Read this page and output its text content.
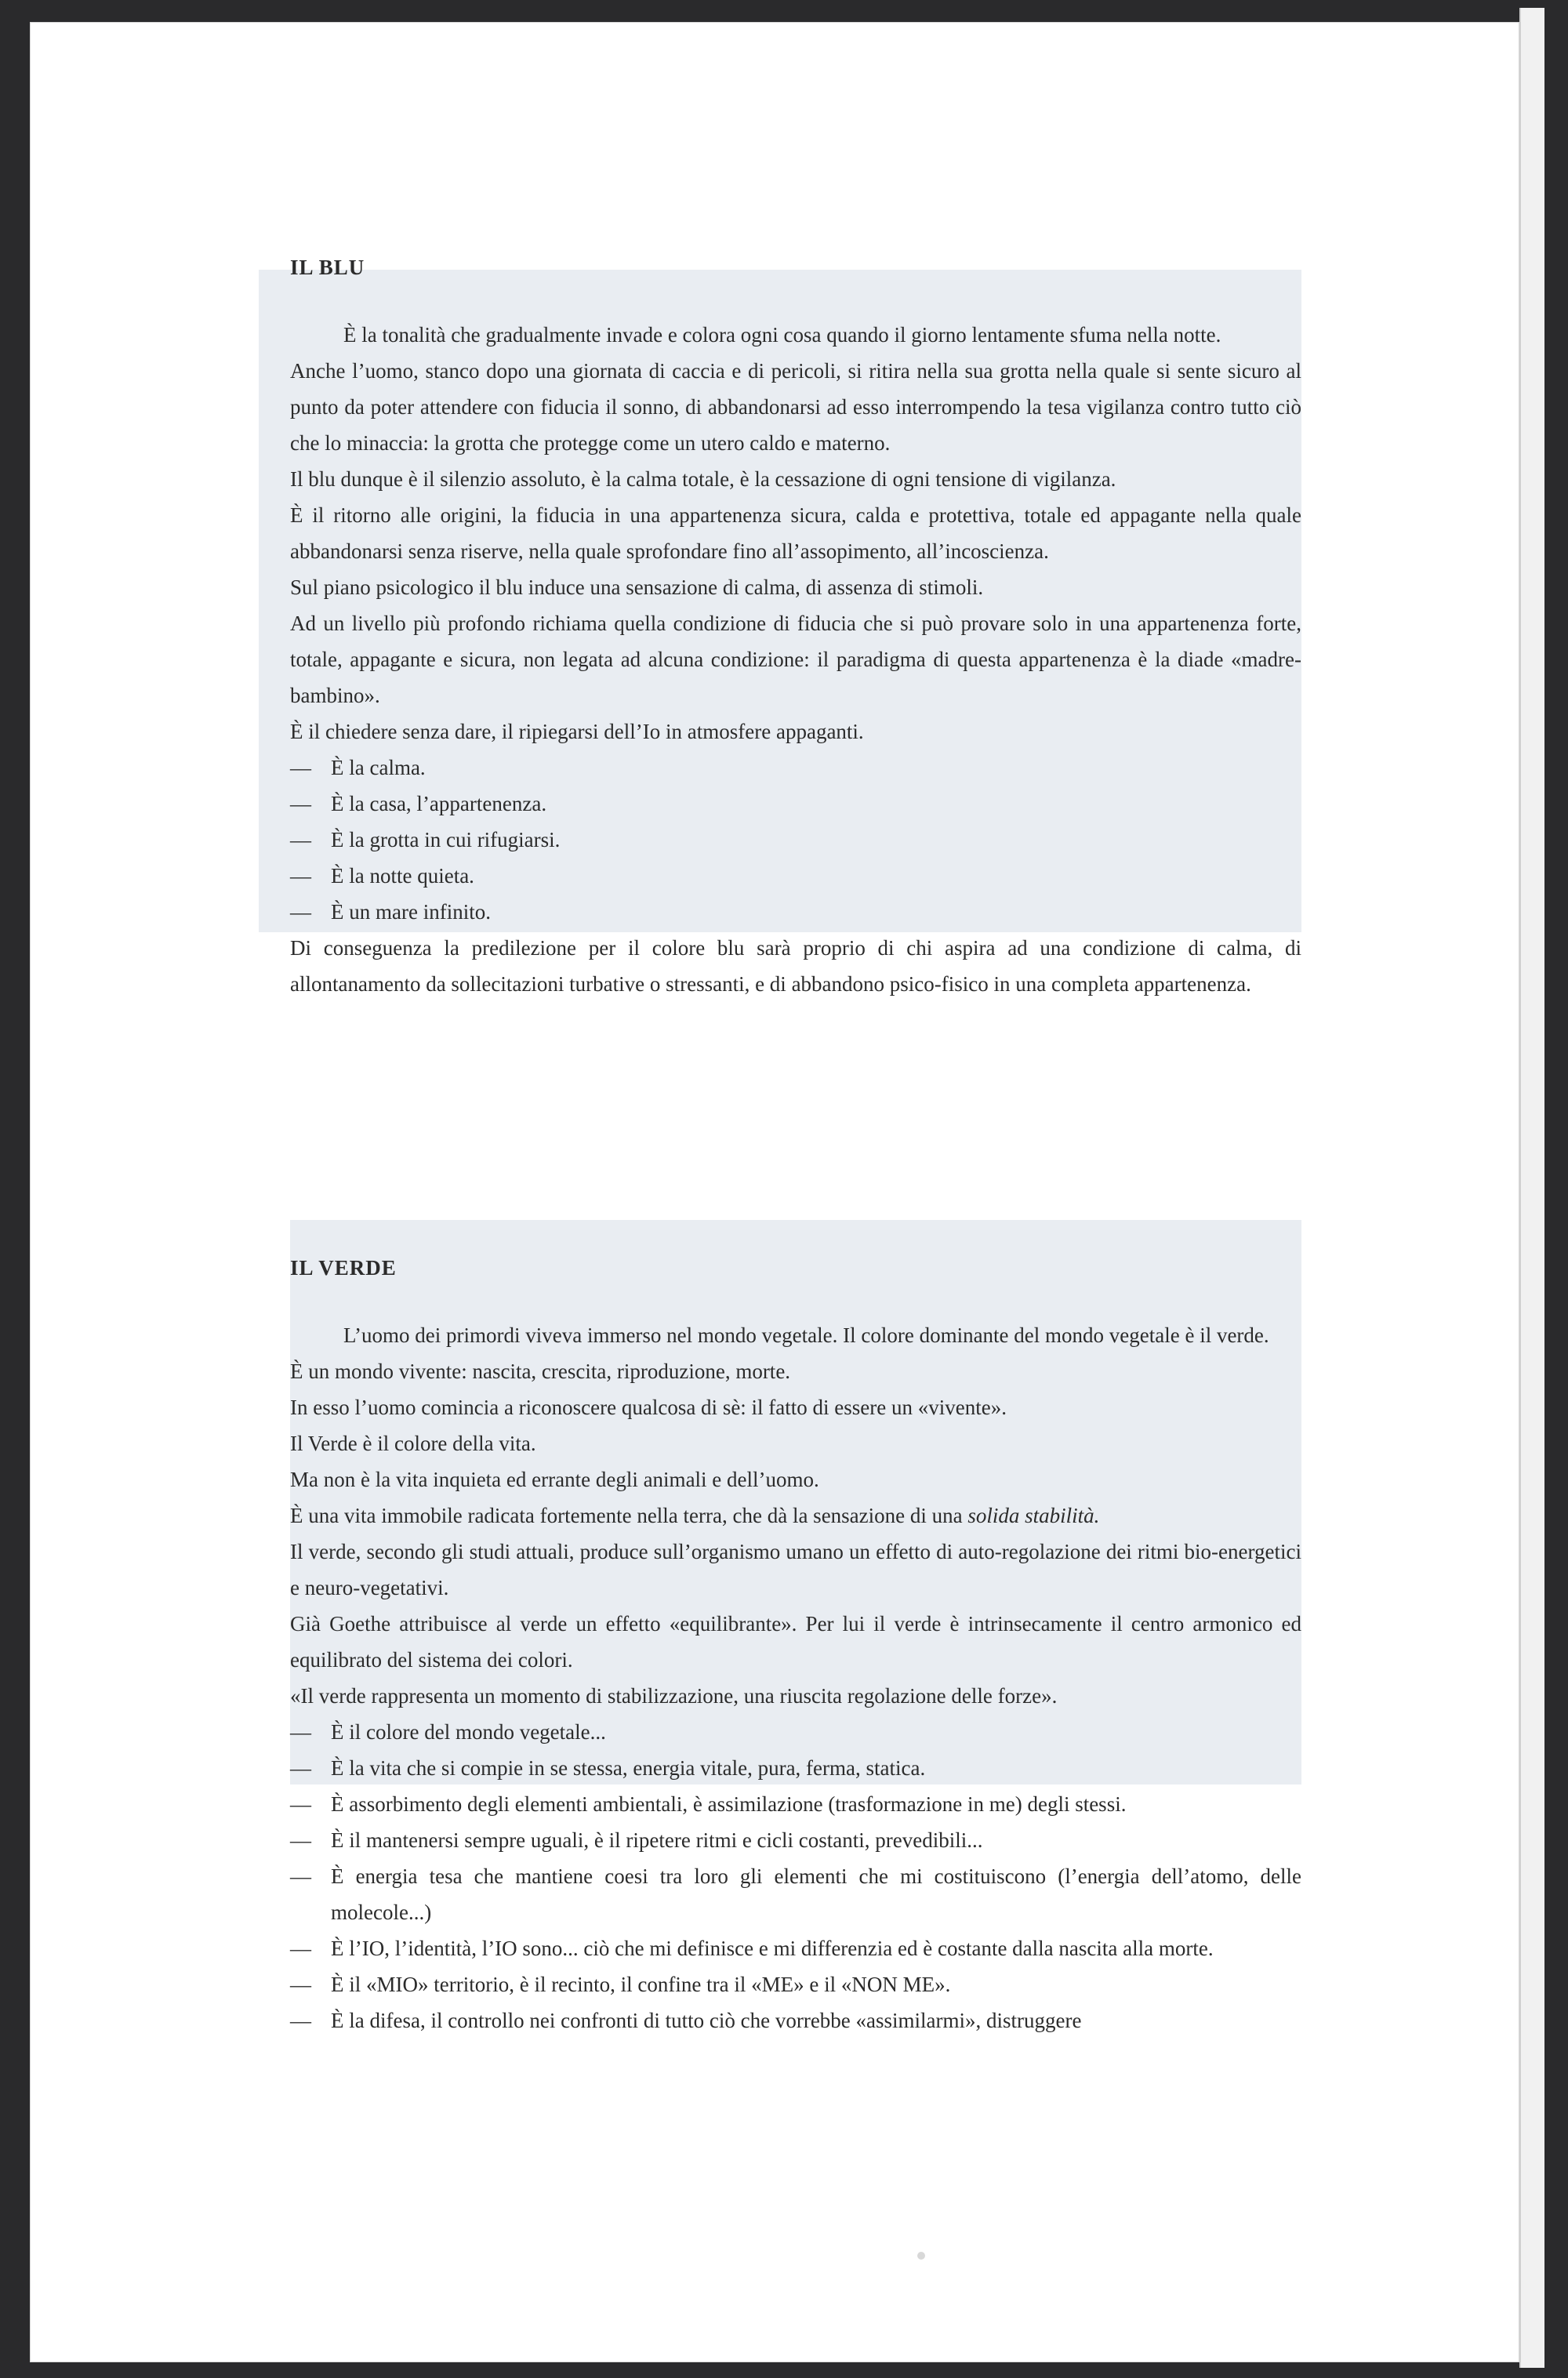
IL BLU

È la tonalità che gradualmente invade e colora ogni cosa quando il giorno lentamente sfuma nella notte.

Anche l’uomo, stanco dopo una giornata di caccia e di pericoli, si ritira nella sua grotta nella quale si sente sicuro al punto da poter attendere con fiducia il sonno, di abbandonarsi ad esso interrompendo la tesa vigilanza contro tutto ciò che lo minaccia: la grotta che protegge come un utero caldo e materno.

Il blu dunque è il silenzio assoluto, è la calma totale, è la cessazione di ogni tensione di vigilanza.

È il ritorno alle origini, la fiducia in una appartenenza sicura, calda e protettiva, totale ed appagante nella quale abbandonarsi senza riserve, nella quale sprofondare fino all’assopimento, all’incoscienza.

Sul piano psicologico il blu induce una sensazione di calma, di assenza di stimoli.

Ad un livello più profondo richiama quella condizione di fiducia che si può provare solo in una appartenenza forte, totale, appagante e sicura, non legata ad alcuna condizione: il paradigma di questa appartenenza è la diade «madre-bambino».

È il chiedere senza dare, il ripiegarsi dell’Io in atmosfere appaganti.

— È la calma.

— È la casa, l’appartenenza.

— È la grotta in cui rifugiarsi.

— È la notte quieta.

— È un mare infinito.

Di conseguenza la predilezione per il colore blu sarà proprio di chi aspira ad una condizione di calma, di allontanamento da sollecitazioni turbative o stressanti, e di abbandono psico-fisico in una completa appartenenza.

IL VERDE

L’uomo dei primordi viveva immerso nel mondo vegetale. Il colore dominante del mondo vegetale è il verde.

È un mondo vivente: nascita, crescita, riproduzione, morte.

In esso l’uomo comincia a riconoscere qualcosa di sè: il fatto di essere un «vivente».

Il Verde è il colore della vita.

Ma non è la vita inquieta ed errante degli animali e dell’uomo.

È una vita immobile radicata fortemente nella terra, che dà la sensazione di una solida stabilità.

Il verde, secondo gli studi attuali, produce sull’organismo umano un effetto di auto-regolazione dei ritmi bio-energetici e neuro-vegetativi.

Già Goethe attribuisce al verde un effetto «equilibrante». Per lui il verde è intrinsecamente il centro armonico ed equilibrato del sistema dei colori.

«Il verde rappresenta un momento di stabilizzazione, una riuscita regolazione delle forze».

— È il colore del mondo vegetale...

— È la vita che si compie in se stessa, energia vitale, pura, ferma, statica.

— È assorbimento degli elementi ambientali, è assimilazione (trasformazione in me) degli stessi.

— È il mantenersi sempre uguali, è il ripetere ritmi e cicli costanti, prevedibili...

— È energia tesa che mantiene coesi tra loro gli elementi che mi costituiscono (l’energia dell’atomo, delle molecole...)

— È l’IO, l’identità, l’IO sono... ciò che mi definisce e mi differenzia ed è costante dalla nascita alla morte.

— È il «MIO» territorio, è il recinto, il confine tra il «ME» e il «NON ME».

— È la difesa, il controllo nei confronti di tutto ciò che vorrebbe «assimilarmi», distruggere
